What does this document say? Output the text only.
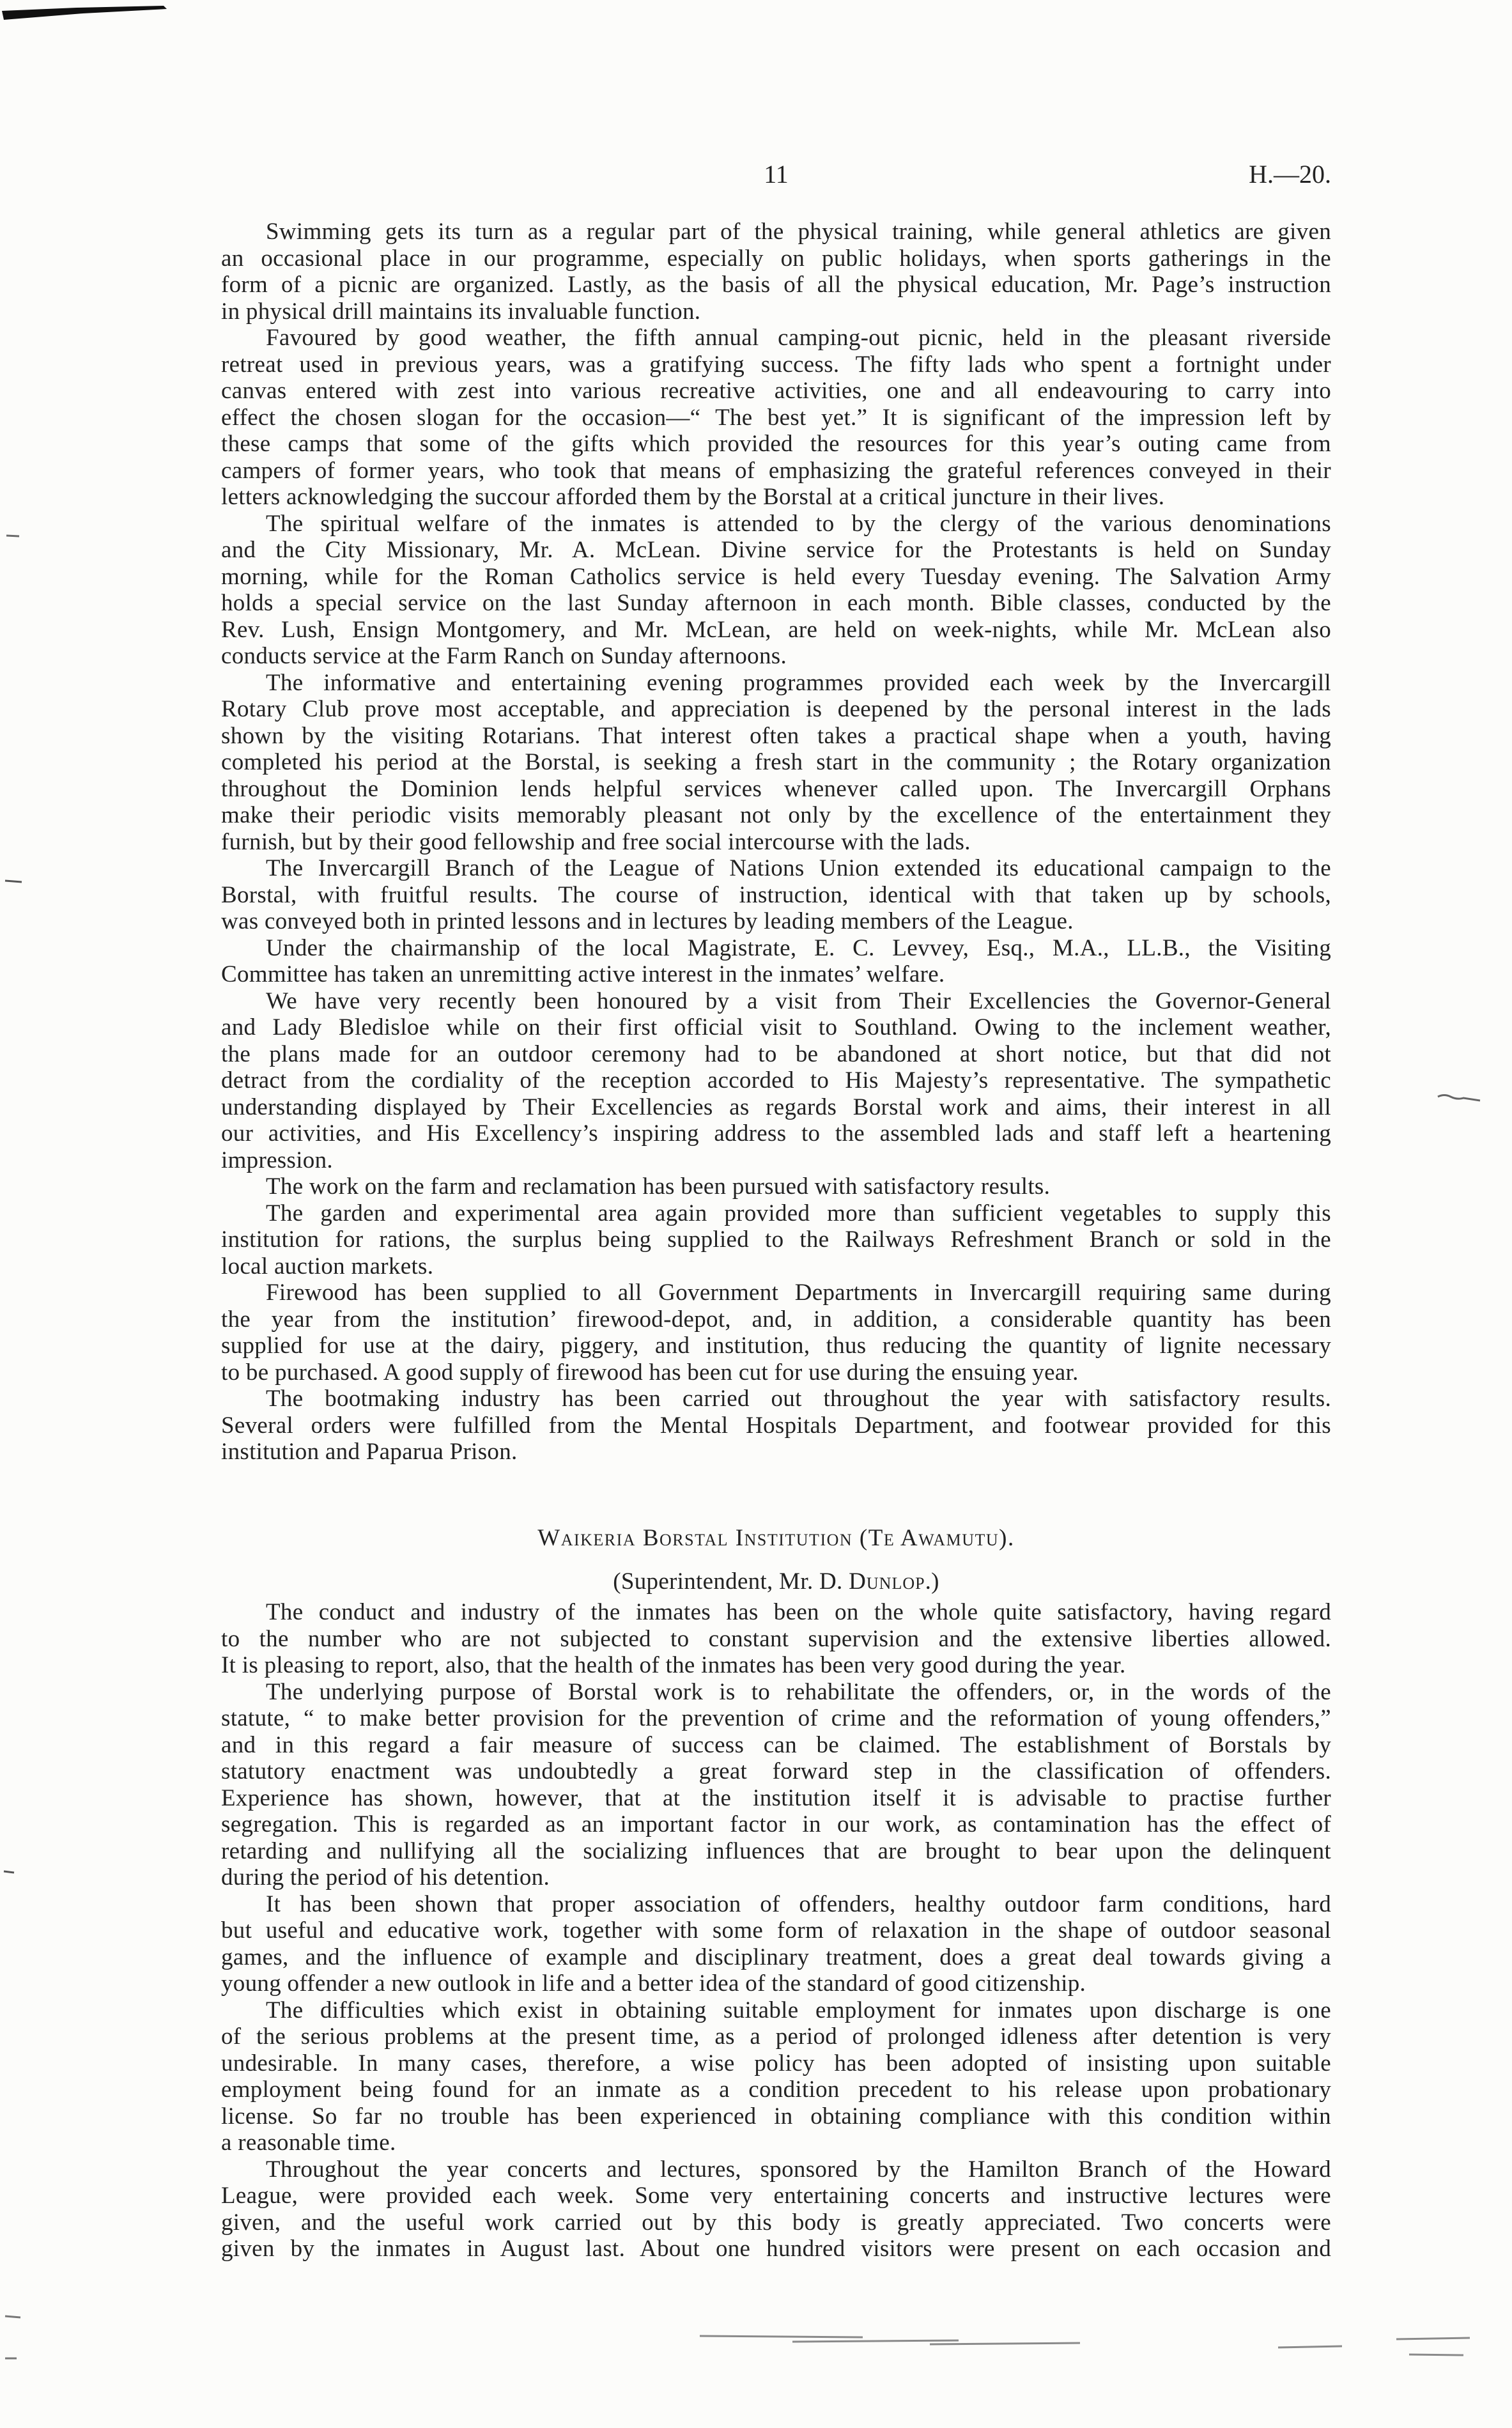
11	H.—20.
Swimming gets its turn as a regular part of the physical training, while general athletics are given
an occasional place in our programme, especially on public holidays, when sports gatherings in the
form of a picnic are organized. Lastly, as the basis of all the physical education, Mr. Page’s instruction
in physical drill maintains its invaluable function.
Favoured by good weather, the fifth annual camping-out picnic, held in the pleasant riverside
retreat used in previous years, was a gratifying success. The fifty lads who spent a fortnight under
canvas entered with zest into various recreative activities, one and all endeavouring to carry into
effect the chosen slogan for the occasion—“ The best yet.” It is significant of the impression left by
these camps that some of the gifts which provided the resources for this year’s outing came from
campers of former years, who took that means of emphasizing the grateful references conveyed in their
letters acknowledging the succour afforded them by the Borstal at a critical juncture in their lives.
The spiritual welfare of the inmates is attended to by the clergy of the various denominations
and the City Missionary, Mr. A. McLean. Divine service for the Protestants is held on Sunday
morning, while for the Roman Catholics service is held every Tuesday evening. The Salvation Army
holds a special service on the last Sunday afternoon in each month. Bible classes, conducted by the
Rev. Lush, Ensign Montgomery, and Mr. McLean, are held on week-nights, while Mr. McLean also
conducts service at the Farm Ranch on Sunday afternoons.
The informative and entertaining evening programmes provided each week by the Invercargill
Rotary Club prove most acceptable, and appreciation is deepened by the personal interest in the lads
shown by the visiting Rotarians. That interest often takes a practical shape when a youth, having
completed his period at the Borstal, is seeking a fresh start in the community ; the Rotary organization
throughout the Dominion lends helpful services whenever called upon. The Invercargill Orphans
make their periodic visits memorably pleasant not only by the excellence of the entertainment they
furnish, but by their good fellowship and free social intercourse with the lads.
The Invercargill Branch of the League of Nations Union extended its educational campaign to the
Borstal, with fruitful results. The course of instruction, identical with that taken up by schools,
was conveyed both in printed lessons and in lectures by leading members of the League.
Under the chairmanship of the local Magistrate, E. C. Levvey, Esq., M.A., LL.B., the Visiting
Committee has taken an unremitting active interest in the inmates’ welfare.
We have very recently been honoured by a visit from Their Excellencies the Governor-General
and Lady Bledisloe while on their first official visit to Southland. Owing to the inclement weather,
the plans made for an outdoor ceremony had to be abandoned at short notice, but that did not
detract from the cordiality of the reception accorded to His Majesty’s representative. The sympathetic
understanding displayed by Their Excellencies as regards Borstal work and aims, their interest in all
our activities, and His Excellency’s inspiring address to the assembled lads and staff left a heartening
impression.
The work on the farm and reclamation has been pursued with satisfactory results.
The garden and experimental area again provided more than sufficient vegetables to supply this
institution for rations, the surplus being supplied to the Railways Refreshment Branch or sold in the
local auction markets.
Firewood has been supplied to all Government Departments in Invercargill requiring same during
the year from the institution’ firewood-depot, and, in addition, a considerable quantity has been
supplied for use at the dairy, piggery, and institution, thus reducing the quantity of lignite necessary
to be purchased. A good supply of firewood has been cut for use during the ensuing year.
The bootmaking industry has been carried out throughout the year with satisfactory results.
Several orders were fulfilled from the Mental Hospitals Department, and footwear provided for this
institution and Paparua Prison.
Waikeria Borstal Institution (Te Awamutu).
(Superintendent, Mr. D. Dunlop.)
The conduct and industry of the inmates has been on the whole quite satisfactory, having regard
to the number who are not subjected to constant supervision and the extensive liberties allowed.
It is pleasing to report, also, that the health of the inmates has been very good during the year.
The underlying purpose of Borstal work is to rehabilitate the offenders, or, in the words of the
statute, “ to make better provision for the prevention of crime and the reformation of young offenders,”
and in this regard a fair measure of success can be claimed. The establishment of Borstals by
statutory enactment was undoubtedly a great forward step in the classification of offenders.
Experience has shown, however, that at the institution itself it is advisable to practise further
segregation. This is regarded as an important factor in our work, as contamination has the effect of
retarding and nullifying all the socializing influences that are brought to bear upon the delinquent
during the period of his detention.
It has been shown that proper association of offenders, healthy outdoor farm conditions, hard
but useful and educative work, together with some form of relaxation in the shape of outdoor seasonal
games, and the influence of example and disciplinary treatment, does a great deal towards giving a
young offender a new outlook in life and a better idea of the standard of good citizenship.
The difficulties which exist in obtaining suitable employment for inmates upon discharge is one
of the serious problems at the present time, as a period of prolonged idleness after detention is very
undesirable. In many cases, therefore, a wise policy has been adopted of insisting upon suitable
employment being found for an inmate as a condition precedent to his release upon probationary
license. So far no trouble has been experienced in obtaining compliance with this condition within
a reasonable time.
Throughout the year concerts and lectures, sponsored by the Hamilton Branch of the Howard
League, were provided each week. Some very entertaining concerts and instructive lectures were
given, and the useful work carried out by this body is greatly appreciated. Two concerts were
given by the inmates in August last. About one hundred visitors were present on each occasion and
